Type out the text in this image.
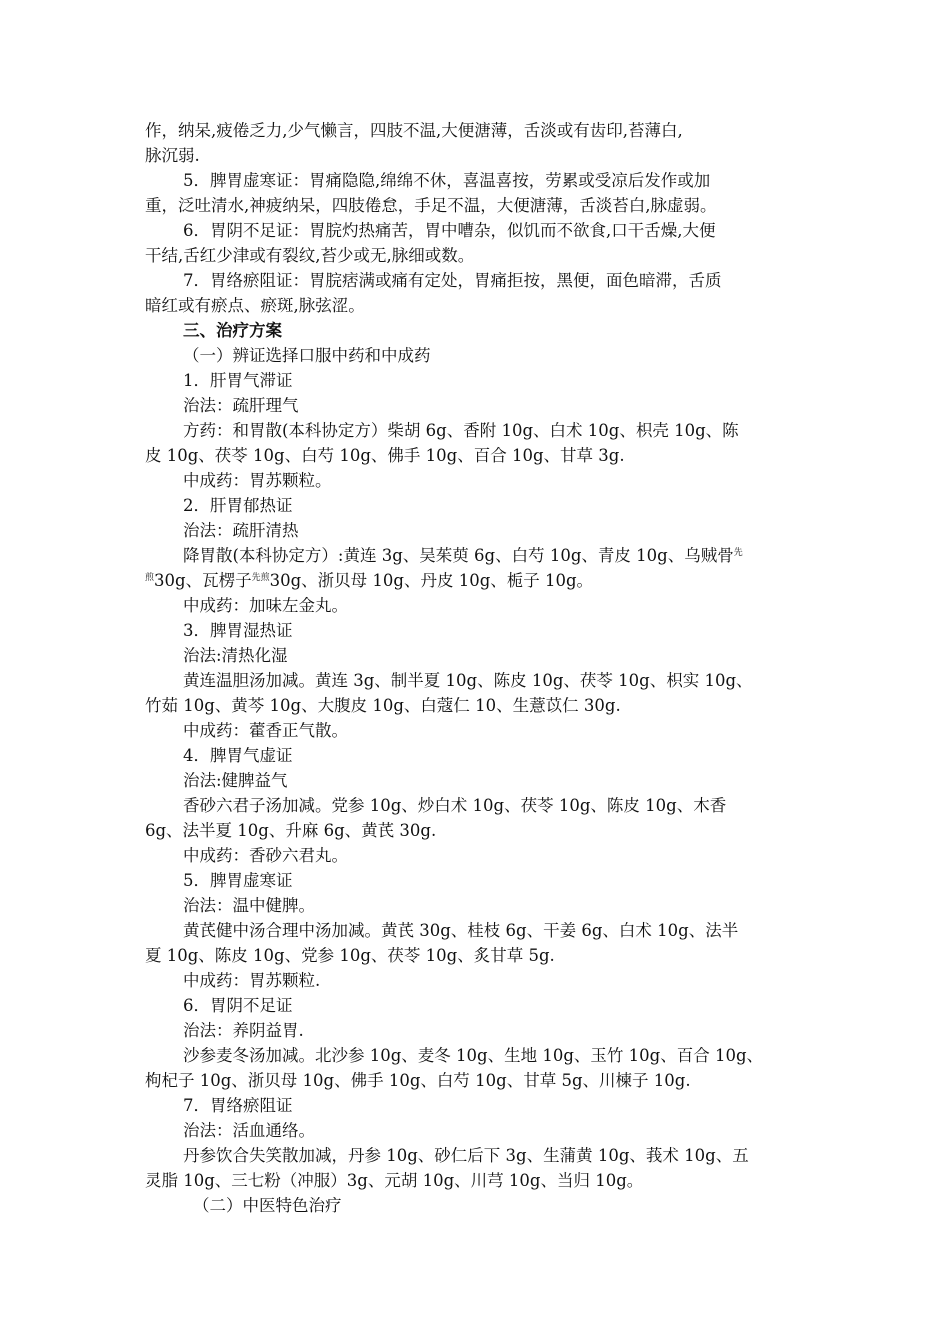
作，纳呆,疲倦乏力,少气懒言，四肢不温,大便溏薄，舌淡或有齿印,苔薄白,
脉沉弱.
5．脾胃虚寒证：胃痛隐隐,绵绵不休，喜温喜按，劳累或受凉后发作或加
重，泛吐清水,神疲纳呆，四肢倦怠，手足不温，大便溏薄，舌淡苔白,脉虚弱。
6．胃阴不足证：胃脘灼热痛苦，胃中嘈杂，似饥而不欲食,口干舌燥,大便
干结,舌红少津或有裂纹,苔少或无,脉细或数。
7．胃络瘀阻证：胃脘痞满或痛有定处，胃痛拒按，黑便，面色暗滞，舌质
暗红或有瘀点、瘀斑,脉弦涩。
三、治疗方案
（一）辨证选择口服中药和中成药
1．肝胃气滞证
治法：疏肝理气
方药：和胃散(本科协定方）柴胡 6g、香附 10g、白术 10g、枳壳 10g、陈
皮 10g、茯苓 10g、白芍 10g、佛手 10g、百合 10g、甘草 3g.
中成药：胃苏颗粒。
2．肝胃郁热证
治法：疏肝清热
降胃散(本科协定方）:黄连 3g、吴茱萸 6g、白芍 10g、青皮 10g、乌贼骨$^先$
$^煎$30g、瓦楞子$^{先煎}$30g、浙贝母 10g、丹皮 10g、栀子 10g。
中成药：加味左金丸。
3．脾胃湿热证
治法:清热化湿
黄连温胆汤加减。黄连 3g、制半夏 10g、陈皮 10g、茯苓 10g、枳实 10g、
竹茹 10g、黄芩 10g、大腹皮 10g、白蔻仁 10、生薏苡仁 30g.
中成药：藿香正气散。
4．脾胃气虚证
治法:健脾益气
香砂六君子汤加减。党参 10g、炒白术 10g、茯苓 10g、陈皮 10g、木香
6g、法半夏 10g、升麻 6g、黄芪 30g.
中成药：香砂六君丸。
5．脾胃虚寒证
治法：温中健脾。
黄芪健中汤合理中汤加减。黄芪 30g、桂枝 6g、干姜 6g、白术 10g、法半
夏 10g、陈皮 10g、党参 10g、茯苓 10g、炙甘草 5g.
中成药：胃苏颗粒.
6．胃阴不足证
治法：养阴益胃.
沙参麦冬汤加减。北沙参 10g、麦冬 10g、生地 10g、玉竹 10g、百合 10g、
枸杞子 10g、浙贝母 10g、佛手 10g、白芍 10g、甘草 5g、川楝子 10g.
7．胃络瘀阻证
治法：活血通络。
丹参饮合失笑散加减，丹参 10g、砂仁后下 3g、生蒲黄 10g、莪术 10g、五
灵脂 10g、三七粉（冲服）3g、元胡 10g、川芎 10g、当归 10g。
（二）中医特色治疗
